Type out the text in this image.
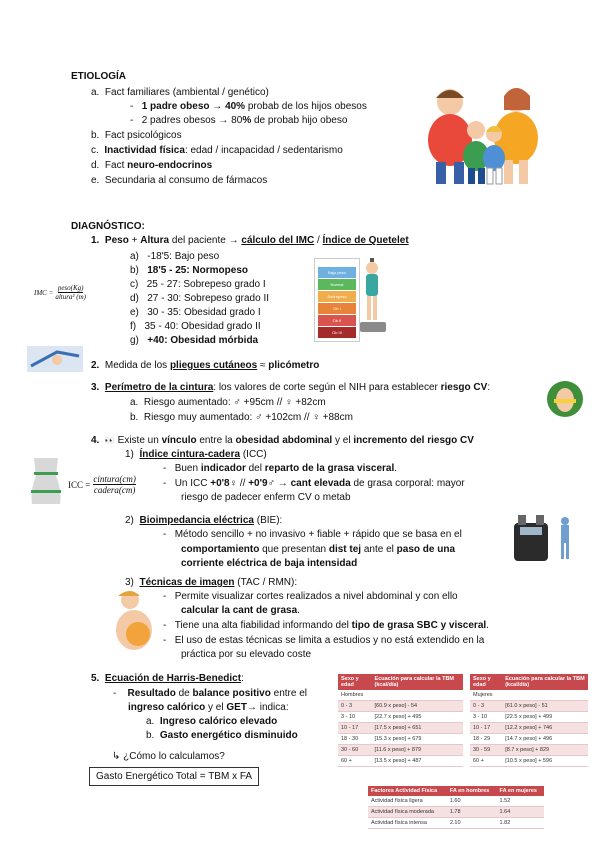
ETIOLOGÍA
a. Fact familiares (ambiental / genético)
- 1 padre obeso → 40% probab de los hijos obesos
- 2 padres obesos → 80% de probab hijo obeso
b. Fact psicológicos
c. Inactividad física: edad / incapacidad / sedentarismo
d. Fact neuro-endocrinos
e. Secundaria al consumo de fármacos
DIAGNÓSTICO:
1. Peso + Altura del paciente → cálculo del IMC / Índice de Quetelet
IMC =
peso(Kg)
altura² (m)
a) -18'5: Bajo peso
b) 18'5 - 25: Normopeso
c) 25 - 27: Sobrepeso grado I
d) 27 - 30: Sobrepeso grado II
e) 30 - 35: Obesidad grado I
f) 35 - 40: Obesidad grado II
g) +40: Obesidad mórbida
Bajo peso
Normal
Sobrepeso
Ob I
Ob II
Ob III
2. Medida de los pliegues cutáneos ≈ plicómetro
3. Perímetro de la cintura: los valores de corte según el NIH para establecer riesgo CV:
a. Riesgo aumentado: ♂ +95cm // ♀ +82cm
b. Riesgo muy aumentado: ♂ +102cm // ♀ +88cm
4. 👀 Existe un vínculo entre la obesidad abdominal y el incremento del riesgo CV
1) Índice cintura-cadera (ICC)
ICC =
cintura(cm)
cadera(cm)
- Buen indicador del reparto de la grasa visceral.
- Un ICC +0'8♀ // +0'9♂ → cant elevada de grasa corporal: mayor
riesgo de padecer enferm CV o metab
2) Bioimpedancia eléctrica (BIE):
- Método sencillo + no invasivo + fiable + rápido que se basa en el
comportamiento que presentan dist tej ante el paso de una
corriente eléctrica de baja intensidad
3) Técnicas de imagen (TAC / RMN):
- Permite visualizar cortes realizados a nivel abdominal y con ello
calcular la cant de grasa.
- Tiene una alta fiabilidad informando del tipo de grasa SBC y visceral.
- El uso de estas técnicas se limita a estudios y no está extendido en la
práctica por su elevado coste
5. Ecuación de Harris-Benedict:
- Resultado de balance positivo entre el
ingreso calórico y el GET→ indica:
a. Ingreso calórico elevado
b. Gasto energético disminuido
↳ ¿Cómo lo calculamos?
Gasto Energético Total = TBM x FA
Sexo y edad	Ecuación para calcular la TBM (kcal/día)
Hombres	
0 - 3	[60.9 x peso] - 54
3 - 10	[22.7 x peso] + 495
10 - 17	[17.5 x peso] + 651
18 - 30	[15.3 x peso] + 679
30 - 60	[11.6 x peso] + 879
60 +	[13.5 x peso] + 487
Sexo y edad	Ecuación para calcular la TBM (kcal/día)
Mujeres	
0 - 3	[61.0 x peso] - 51
3 - 10	[22.5 x peso] + 499
10 - 17	[12.2 x peso] + 746
18 - 29	[14.7 x peso] + 496
30 - 59	[8.7 x peso] + 829
60 +	[10.5 x peso] + 596
Factores Actividad Física	FA en hombres	FA en mujeres
Actividad física ligera	1.60	1.52
Actividad física moderada	1.78	1.64
Actividad física intensa	2.10	1.82
